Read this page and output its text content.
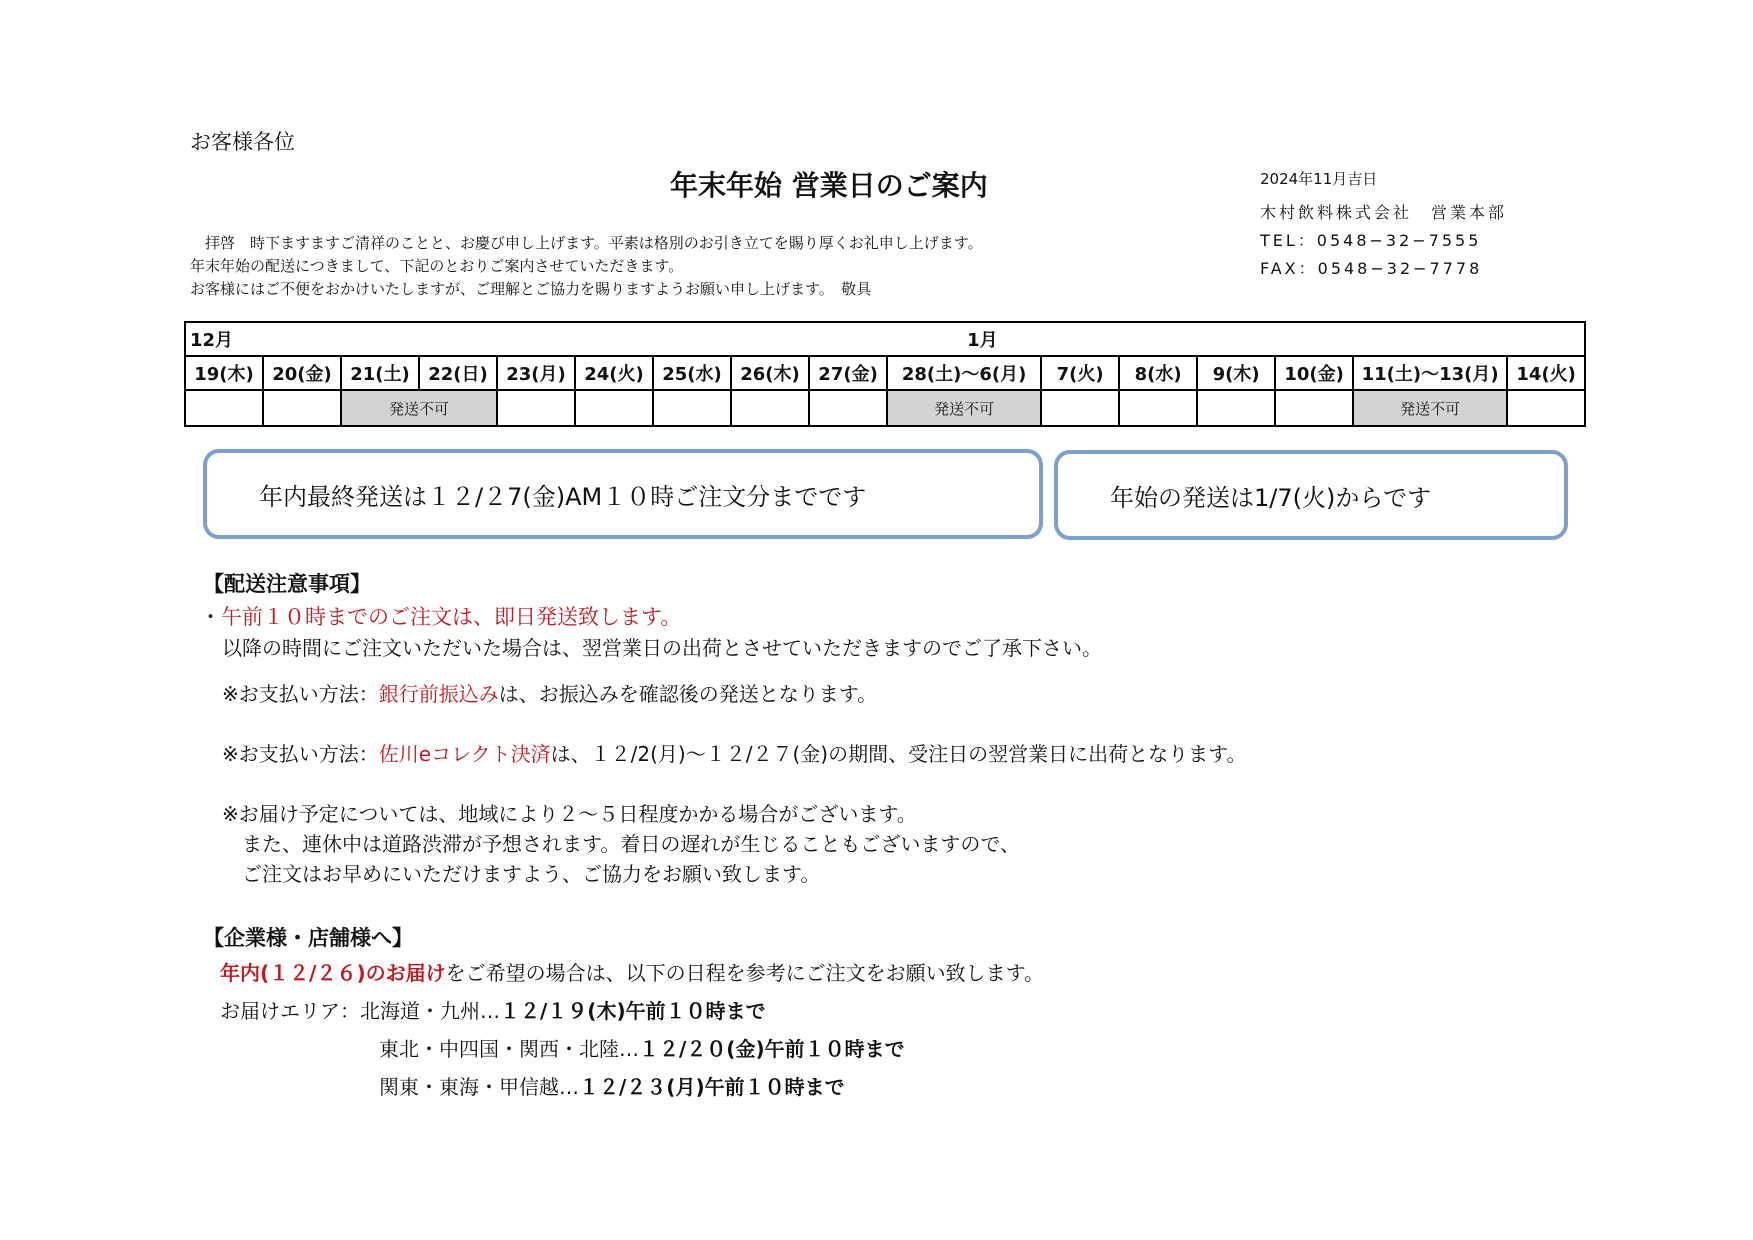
お客様各位
年末年始 営業日のご案内	2024年11月吉日
木村飲料株式会社　営業本部
TEL：0548−32−7555
FAX：0548−32−7778
　拝啓　時下ますますご清祥のことと、お慶び申し上げます。平素は格別のお引き立てを賜り厚くお礼申し上げます。
年末年始の配送につきまして、下記のとおりご案内させていただきます。
お客様にはご不便をおかけいたしますが、ご理解とご協力を賜りますようお願い申し上げます。　敬具
12月									1月						
19(木)	20(金)	21(土)	22(日)	23(月)	24(火)	25(水)	26(木)	27(金)	28(土)〜6(月)	7(火)	8(水)	9(木)	10(金)	11(土)〜13(月)	14(火)
		発送不可							発送不可					発送不可	
年内最終発送は１２/２7(金)AM１０時ご注文分までです	年始の発送は1/7(火)からです
【配送注意事項】
・午前１０時までのご注文は、即日発送致します。
以降の時間にご注文いただいた場合は、翌営業日の出荷とさせていただきますのでご了承下さい。
※お支払い方法：銀行前振込みは、お振込みを確認後の発送となります。
※お支払い方法：佐川eコレクト決済は、１２/2(月)〜１２/２７(金)の期間、受注日の翌営業日に出荷となります。
※お届け予定については、地域により２〜５日程度かかる場合がございます。
　また、連休中は道路渋滞が予想されます。着日の遅れが生じることもございますので、
　ご注文はお早めにいただけますよう、ご協力をお願い致します。
【企業様・店舗様へ】
年内(１２/２６)のお届けをご希望の場合は、以下の日程を参考にご注文をお願い致します。
お届けエリア：北海道・九州…１２/１９(木)午前１０時まで
東北・中四国・関西・北陸…１２/２０(金)午前１０時まで
関東・東海・甲信越…１２/２３(月)午前１０時まで
